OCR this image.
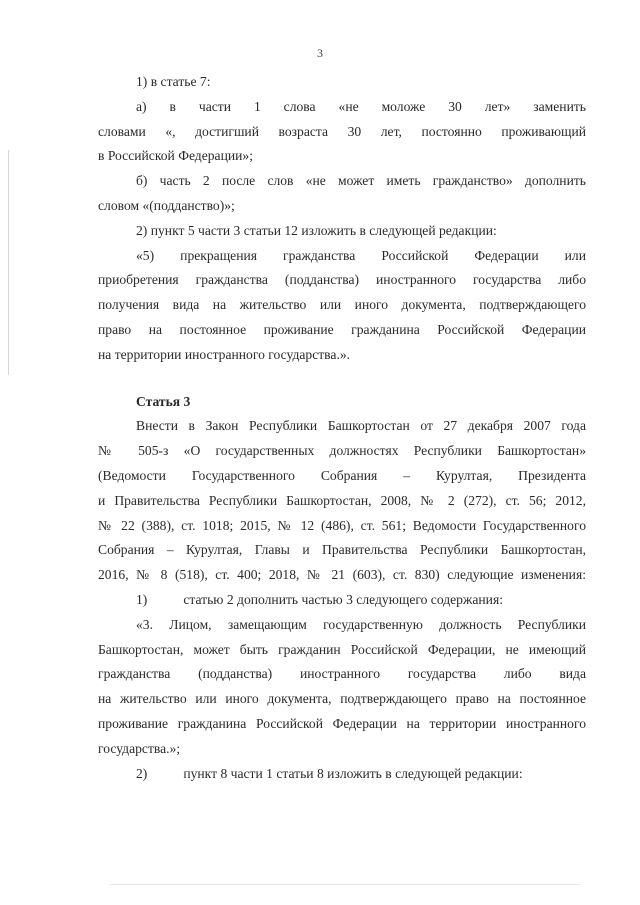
3

1) в статье 7:

а) в части 1 слова «не моложе 30 лет» заменить

словами «, достигший возраста 30 лет, постоянно проживающий

в Российской Федерации»;

б) часть 2 после слов «не может иметь гражданство» дополнить

словом «(подданство)»;

2) пункт 5 части 3 статьи 12 изложить в следующей редакции:

«5) прекращения гражданства Российской Федерации или

приобретения гражданства (подданства) иностранного государства либо

получения вида на жительство или иного документа, подтверждающего

право на постоянное проживание гражданина Российской Федерации

на территории иностранного государства.».

Статья 3

Внести в Закон Республики Башкортостан от 27 декабря 2007 года

№ 505-з «О государственных должностях Республики Башкортостан»

(Ведомости Государственного Собрания – Курултая, Президента

и Правительства Республики Башкортостан, 2008, № 2 (272), ст. 56; 2012,

№ 22 (388), ст. 1018; 2015, № 12 (486), ст. 561; Ведомости Государственного

Собрания – Курултая, Главы и Правительства Республики Башкортостан,

2016, № 8 (518), ст. 400; 2018, № 21 (603), ст. 830) следующие изменения:

1)	статью 2 дополнить частью 3 следующего содержания:

«3. Лицом, замещающим государственную должность Республики

Башкортостан, может быть гражданин Российской Федерации, не имеющий

гражданства (подданства) иностранного государства либо вида

на жительство или иного документа, подтверждающего право на постоянное

проживание гражданина Российской Федерации на территории иностранного

государства.»;

2)	пункт 8 части 1 статьи 8 изложить в следующей редакции:
